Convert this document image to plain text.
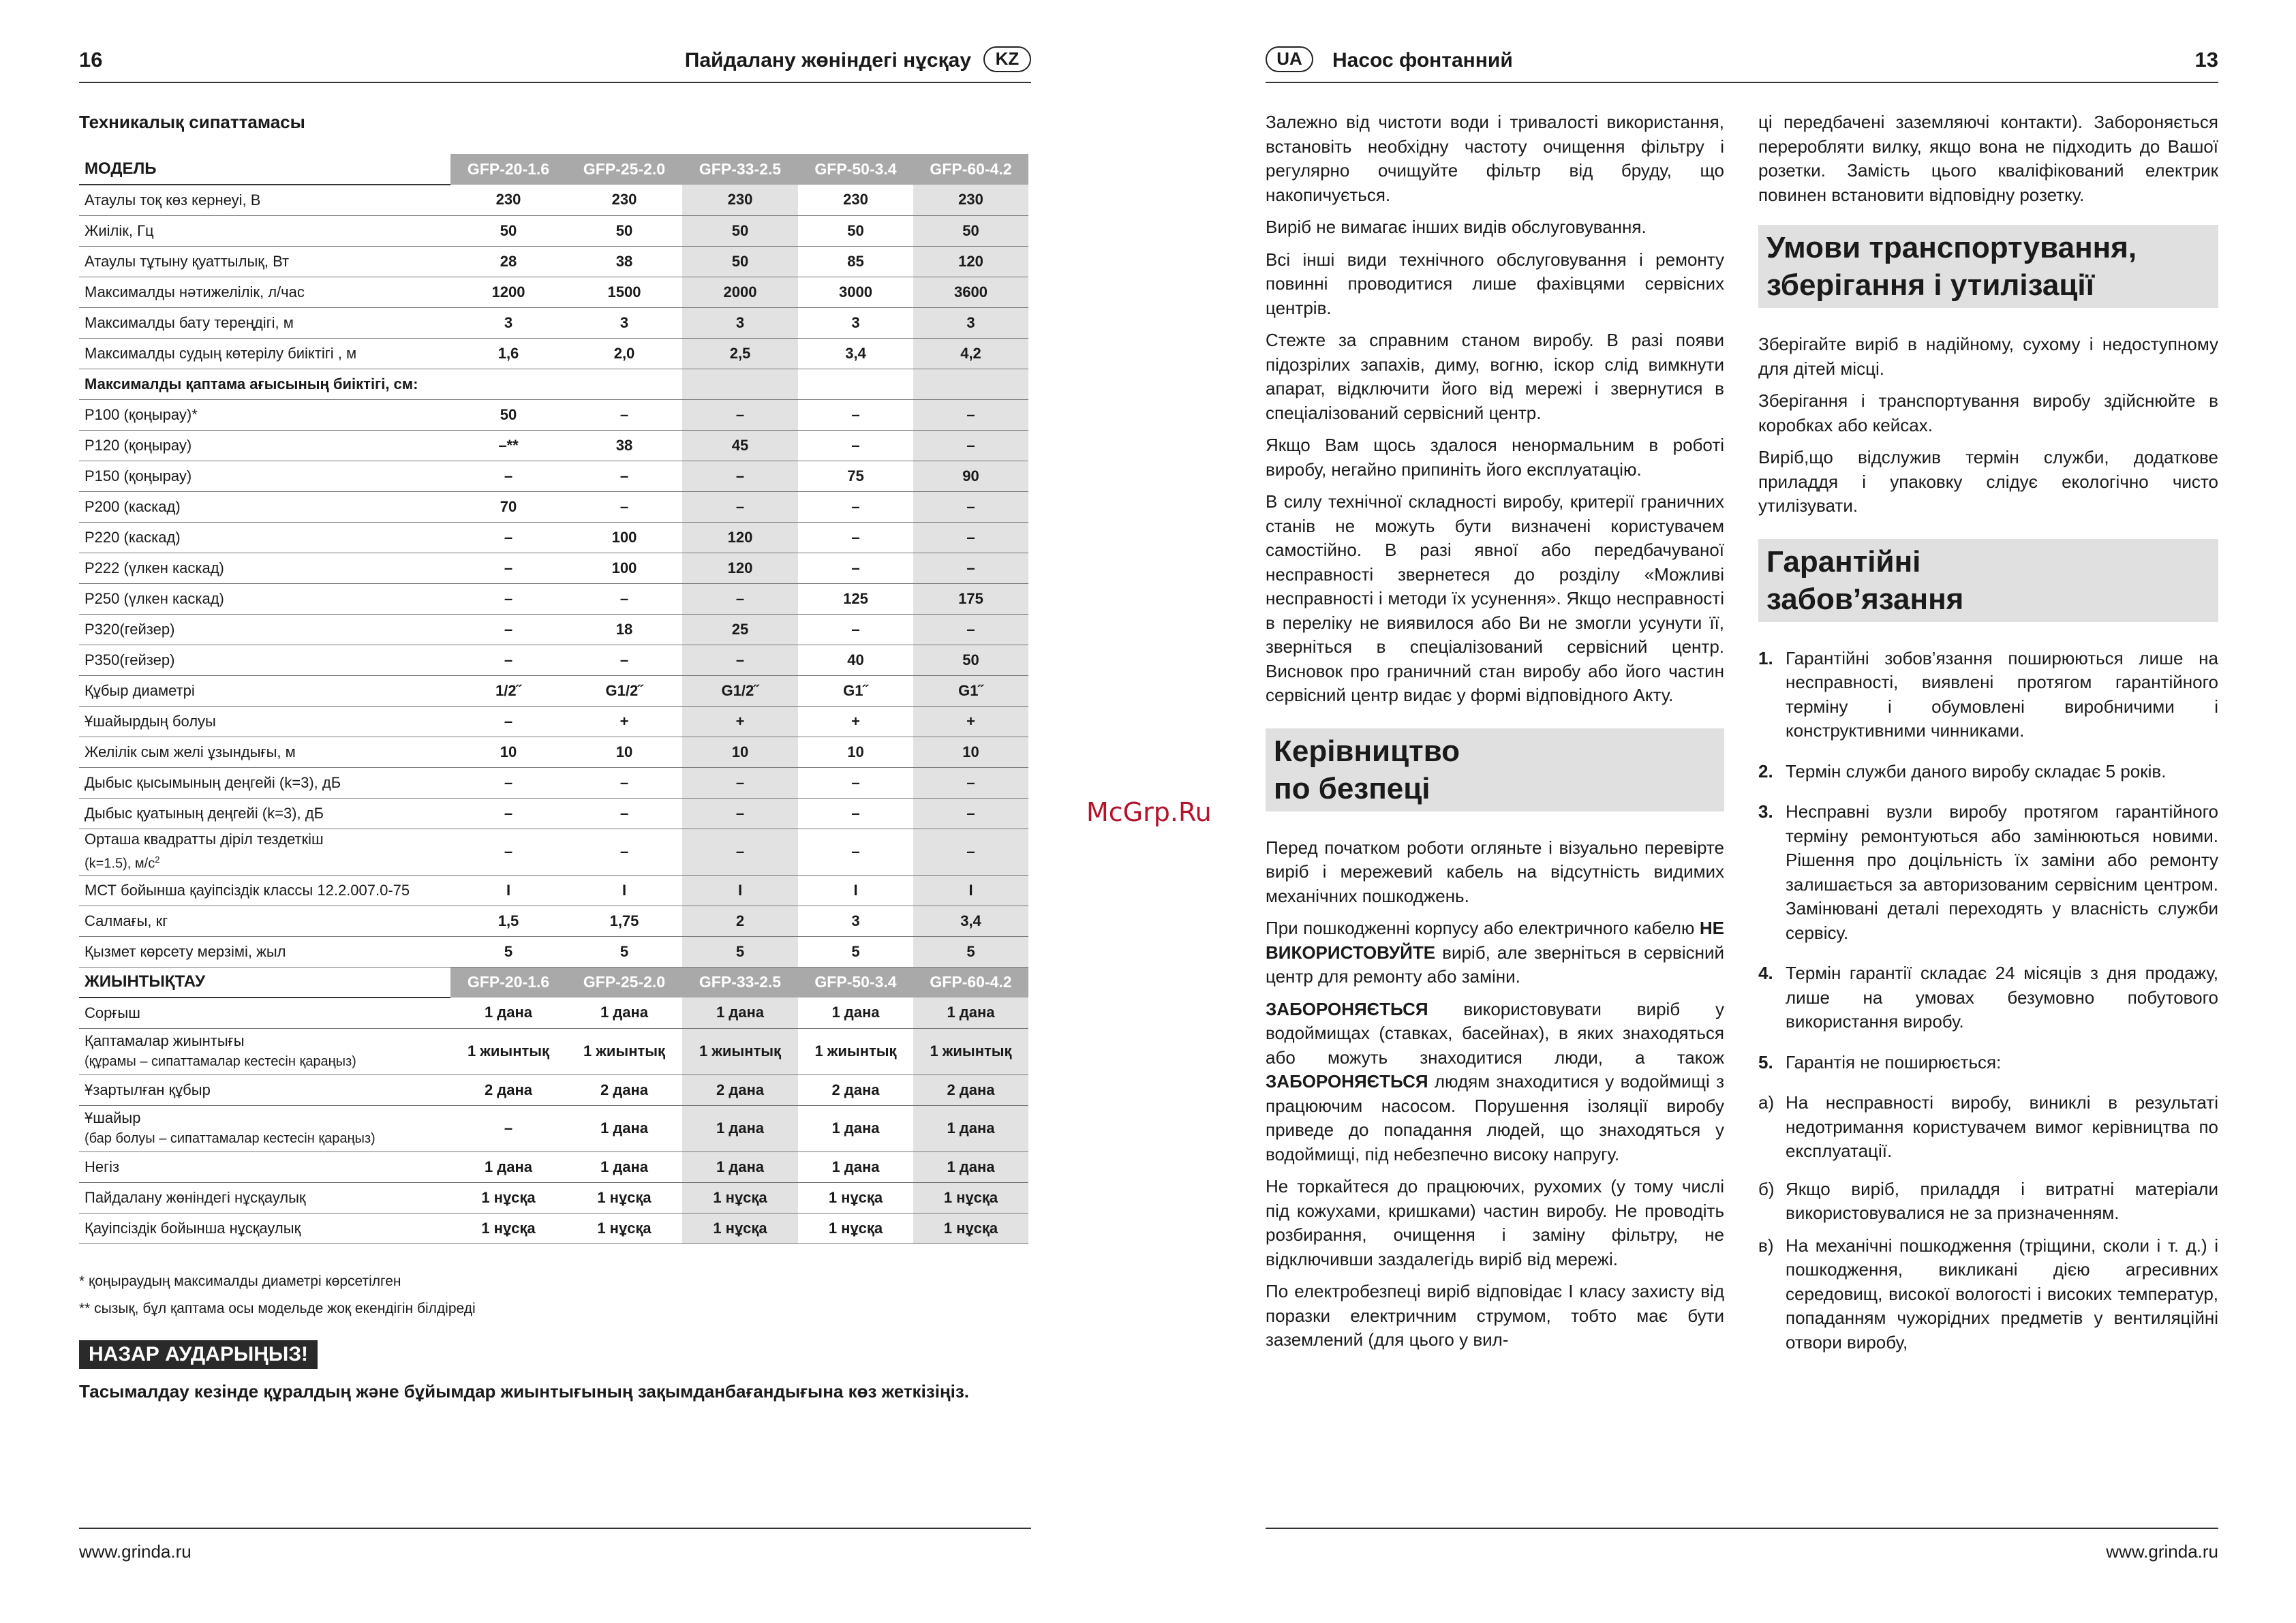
16	Пайдалану жөніндегі нұсқау	KZ
Техникалық сипаттамасы
МОДЕЛЬ	GFP-20-1.6	GFP-25-2.0	GFP-33-2.5	GFP-50-3.4	GFP-60-4.2
Атаулы тоқ көз кернеуі, В	230	230	230	230	230
Жиілік, Гц	50	50	50	50	50
Атаулы тұтыну қуаттылық, Вт	28	38	50	85	120
Максималды нәтижелілік, л/час	1200	1500	2000	3000	3600
Максималды бату тереңдігі, м	3	3	3	3	3
Максималды судың көтерілу биіктігі , м	1,6	2,0	2,5	3,4	4,2
Максималды қаптама ағысының биіктігі, см:					
P100 (қоңырау)*	50	–	–	–	–
P120 (қоңырау)	–**	38	45	–	–
P150 (қоңырау)	–	–	–	75	90
P200 (каскад)	70	–	–	–	–
P220 (каскад)	–	100	120	–	–
P222 (үлкен каскад)	–	100	120	–	–
P250 (үлкен каскад)	–	–	–	125	175
P320(гейзер)	–	18	25	–	–
P350(гейзер)	–	–	–	40	50
Құбыр диаметрі	1/2˝	G1/2˝	G1/2˝	G1˝	G1˝
Ұшайырдың болуы	–	+	+	+	+
Желілік сым желі ұзындығы, м	10	10	10	10	10
Дыбыс қысымының деңгейі (k=3), дБ	–	–	–	–	–
Дыбыс қуатының деңгейі (k=3), дБ	–	–	–	–	–

Орташа квадратты діріл тездеткіш
(k=1.5), $м/с^2$	–	–	–	–	–
МСТ бойынша қауіпсіздік классы 12.2.007.0-75	I	I	I	I	I
Салмағы, кг	1,5	1,75	2	3	3,4
Қызмет көрсету мерзімі, жыл	5	5	5	5	5
ЖИЫНТЫҚТАУ	GFP-20-1.6	GFP-25-2.0	GFP-33-2.5	GFP-50-3.4	GFP-60-4.2
Сорғыш	1 дана	1 дана	1 дана	1 дана	1 дана

Қаптамалар жиынтығы
(құрамы – сипаттамалар кестесін қараңыз)	1 жиынтық	1 жиынтық	1 жиынтық	1 жиынтық	1 жиынтық
Ұзартылған құбыр	2 дана	2 дана	2 дана	2 дана	2 дана

Ұшайыр
(бар болуы – сипаттамалар кестесін қараңыз)	–	1 дана	1 дана	1 дана	1 дана
Негіз	1 дана	1 дана	1 дана	1 дана	1 дана
Пайдалану жөніндегі нұсқаулық	1 нұсқа	1 нұсқа	1 нұсқа	1 нұсқа	1 нұсқа
Қауіпсіздік бойынша нұсқаулық	1 нұсқа	1 нұсқа	1 нұсқа	1 нұсқа	1 нұсқа
* қоңыраудың максималды диаметрі көрсетілген
** сызық, бұл қаптама осы модельде жоқ екендігін білдіреді
НАЗАР АУДАРЫҢЫЗ!
Тасымалдау кезінде құралдың және бұйымдар жиынтығының зақымданбағандығына көз жеткізіңіз.
www.grinda.ru
McGrp.Ru
UA	Насос фонтанний	13

Залежно від чистоти води і тривалості використання, встановіть необхідну частоту очищення фільтру і регулярно очищуйте фільтр від бруду, що накопичується.

Виріб не вимагає інших видів обслуговування.

Всі інші види технічного обслуговування і ремонту повинні проводитися лише фахівцями сервісних центрів.

Стежте за справним станом виробу. В разі появи підозрілих запахів, диму, вогню, іскор слід вимкнути апарат, відключити його від мережі і звернутися в спеціалізований сервісний центр.

Якщо Вам щось здалося ненормальним в роботі виробу, негайно припиніть його експлуатацію.

В силу технічної складності виробу, критерії граничних станів не можуть бути визначені користувачем самостійно. В разі явної або передбачуваної несправності звернетеся до розділу «Можливі несправності і методи їх усунення». Якщо несправності в переліку не виявилося або Ви не змогли усунути її, зверніться в спеціалізований сервісний центр. Висновок про граничний стан виробу або його частин сервісний центр видає у формі відповідного Акту.

Керівництво
по безпеці

Перед початком роботи огляньте і візуально перевірте виріб і мережевий кабель на відсутність видимих механічних пошкоджень.

При пошкодженні корпусу або електричного кабелю НЕ ВИКОРИСТОВУЙТЕ виріб, але зверніться в сервісний центр для ремонту або заміни.

ЗАБОРОНЯЄТЬСЯ використовувати виріб у водоймищах (ставках, басейнах), в яких знаходяться або можуть знаходитися люди, а також ЗАБОРОНЯЄТЬСЯ людям знаходитися у водоймищі з працюючим насосом. Порушення ізоляції виробу приведе до попадання людей, що знаходяться у водоймищі, під небезпечно високу напругу.

Не торкайтеся до працюючих, рухомих (у тому числі під кожухами, кришками) частин виробу. Не проводіть розбирання, очищення і заміну фільтру, не відключивши заздалегідь виріб від мережі.

По електробезпеці виріб відповідає I класу захисту від поразки електричним струмом, тобто має бути заземлений (для цього у вил-

ці передбачені заземляючі контакти). Забороняється переробляти вилку, якщо вона не підходить до Вашої розетки. Замість цього кваліфікований електрик повинен встановити відповідну розетку.

Умови транспортування,
зберігання і утилізації

Зберігайте виріб в надійному, сухому і недоступному для дітей місці.

Зберігання і транспортування виробу здійснюйте в коробках або кейсах.

Виріб,що відслужив термін служби, додаткове приладдя і упаковку слідує екологічно чисто утилізувати.

Гарантійні
забов’язання
1. Гарантійні зобов’язання поширюються лише на несправності, виявлені протягом гарантійного терміну і обумовлені виробничими і конструктивними чинниками.
2. Термін служби даного виробу складає 5 років.
3. Несправні вузли виробу протягом гарантійного терміну ремонтуються або замінюються новими. Рішення про доцільність їх заміни або ремонту залишається за авторизованим сервісним центром. Замінювані деталі переходять у власність служби сервісу.
4. Термін гарантії складає 24 місяців з дня продажу, лише на умовах безумовно побутового використання виробу.
5. Гарантія не поширюється:
а) На несправності виробу, виниклі в результаті недотримання користувачем вимог керівництва по експлуатації.
б) Якщо виріб, приладдя і витратні матеріали використовувалися не за призначенням.
в) На механічні пошкодження (тріщини, сколи і т. д.) і пошкодження, викликані дією агресивних середовищ, високої вологості і високих температур, попаданням чужорідних предметів у вентиляційні отвори виробу,
www.grinda.ru
